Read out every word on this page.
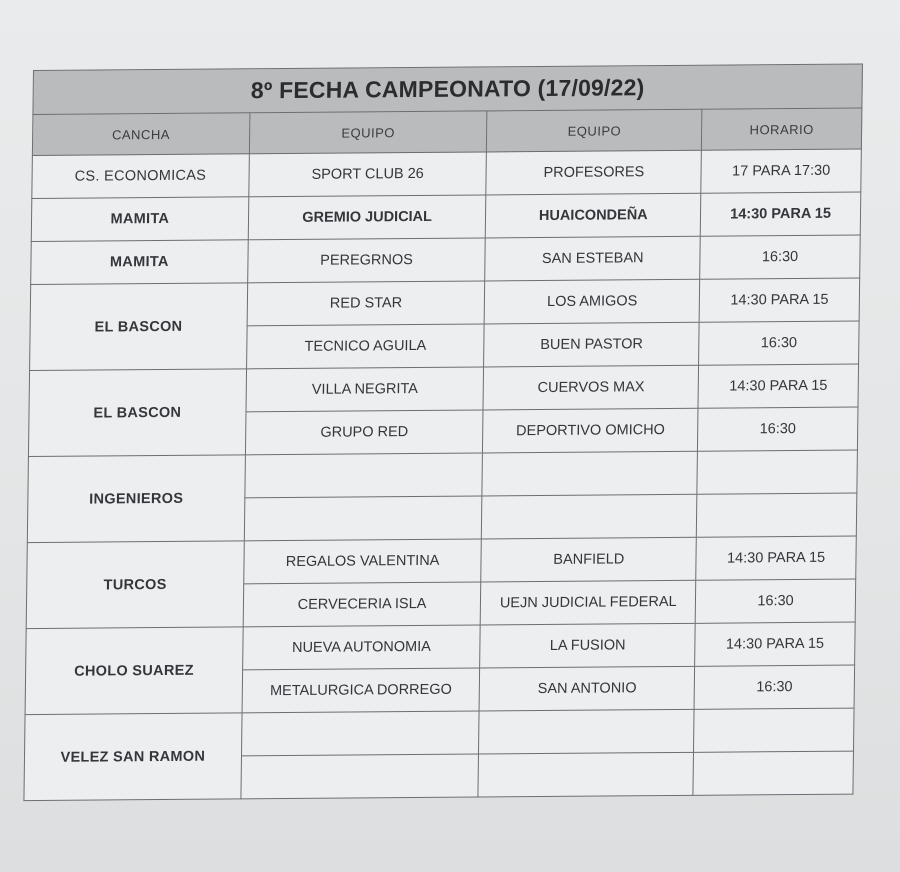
8º FECHA CAMPEONATO (17/09/22)			
CANCHA	EQUIPO	EQUIPO	HORARIO
CS. ECONOMICAS	SPORT CLUB 26	PROFESORES	17 PARA 17:30
MAMITA	GREMIO JUDICIAL	HUAICONDEÑA	14:30 PARA 15
MAMITA	PEREGRNOS	SAN ESTEBAN	16:30
EL BASCON	RED STAR	LOS AMIGOS	14:30 PARA 15
	TECNICO AGUILA	BUEN PASTOR	16:30
EL BASCON	VILLA NEGRITA	CUERVOS MAX	14:30 PARA 15
	GRUPO RED	DEPORTIVO OMICHO	16:30
INGENIEROS			

TURCOS	REGALOS VALENTINA	BANFIELD	14:30 PARA 15
	CERVECERIA ISLA	UEJN JUDICIAL FEDERAL	16:30
CHOLO SUAREZ	NUEVA AUTONOMIA	LA FUSION	14:30 PARA 15
	METALURGICA DORREGO	SAN ANTONIO	16:30
VELEZ SAN RAMON			
